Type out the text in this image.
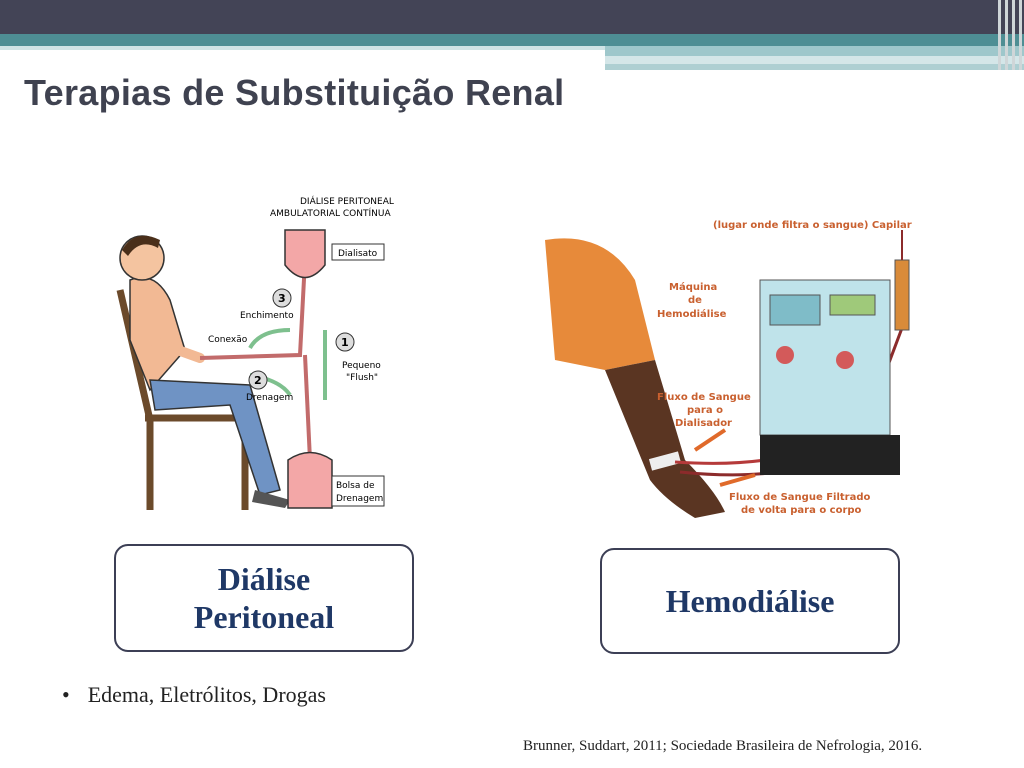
Terapias de Substituição Renal
DIÁLISE PERITONEAL
AMBULATORIAL CONTÍNUA
Dialisato
3
Enchimento
Conexão	1
Pequeno
"Flush"
2
Drenagem
Bolsa de
Drenagem
(lugar onde filtra o sangue) Capilar
Máquina
de
Hemodiálise
Fluxo de Sangue
para o
Dialisador
Fluxo de Sangue Filtrado
de volta para o corpo
Diálise
Peritoneal	Hemodiálise
• Edema, Eletrólitos, Drogas
Brunner, Suddart, 2011; Sociedade Brasileira de Nefrologia, 2016.
